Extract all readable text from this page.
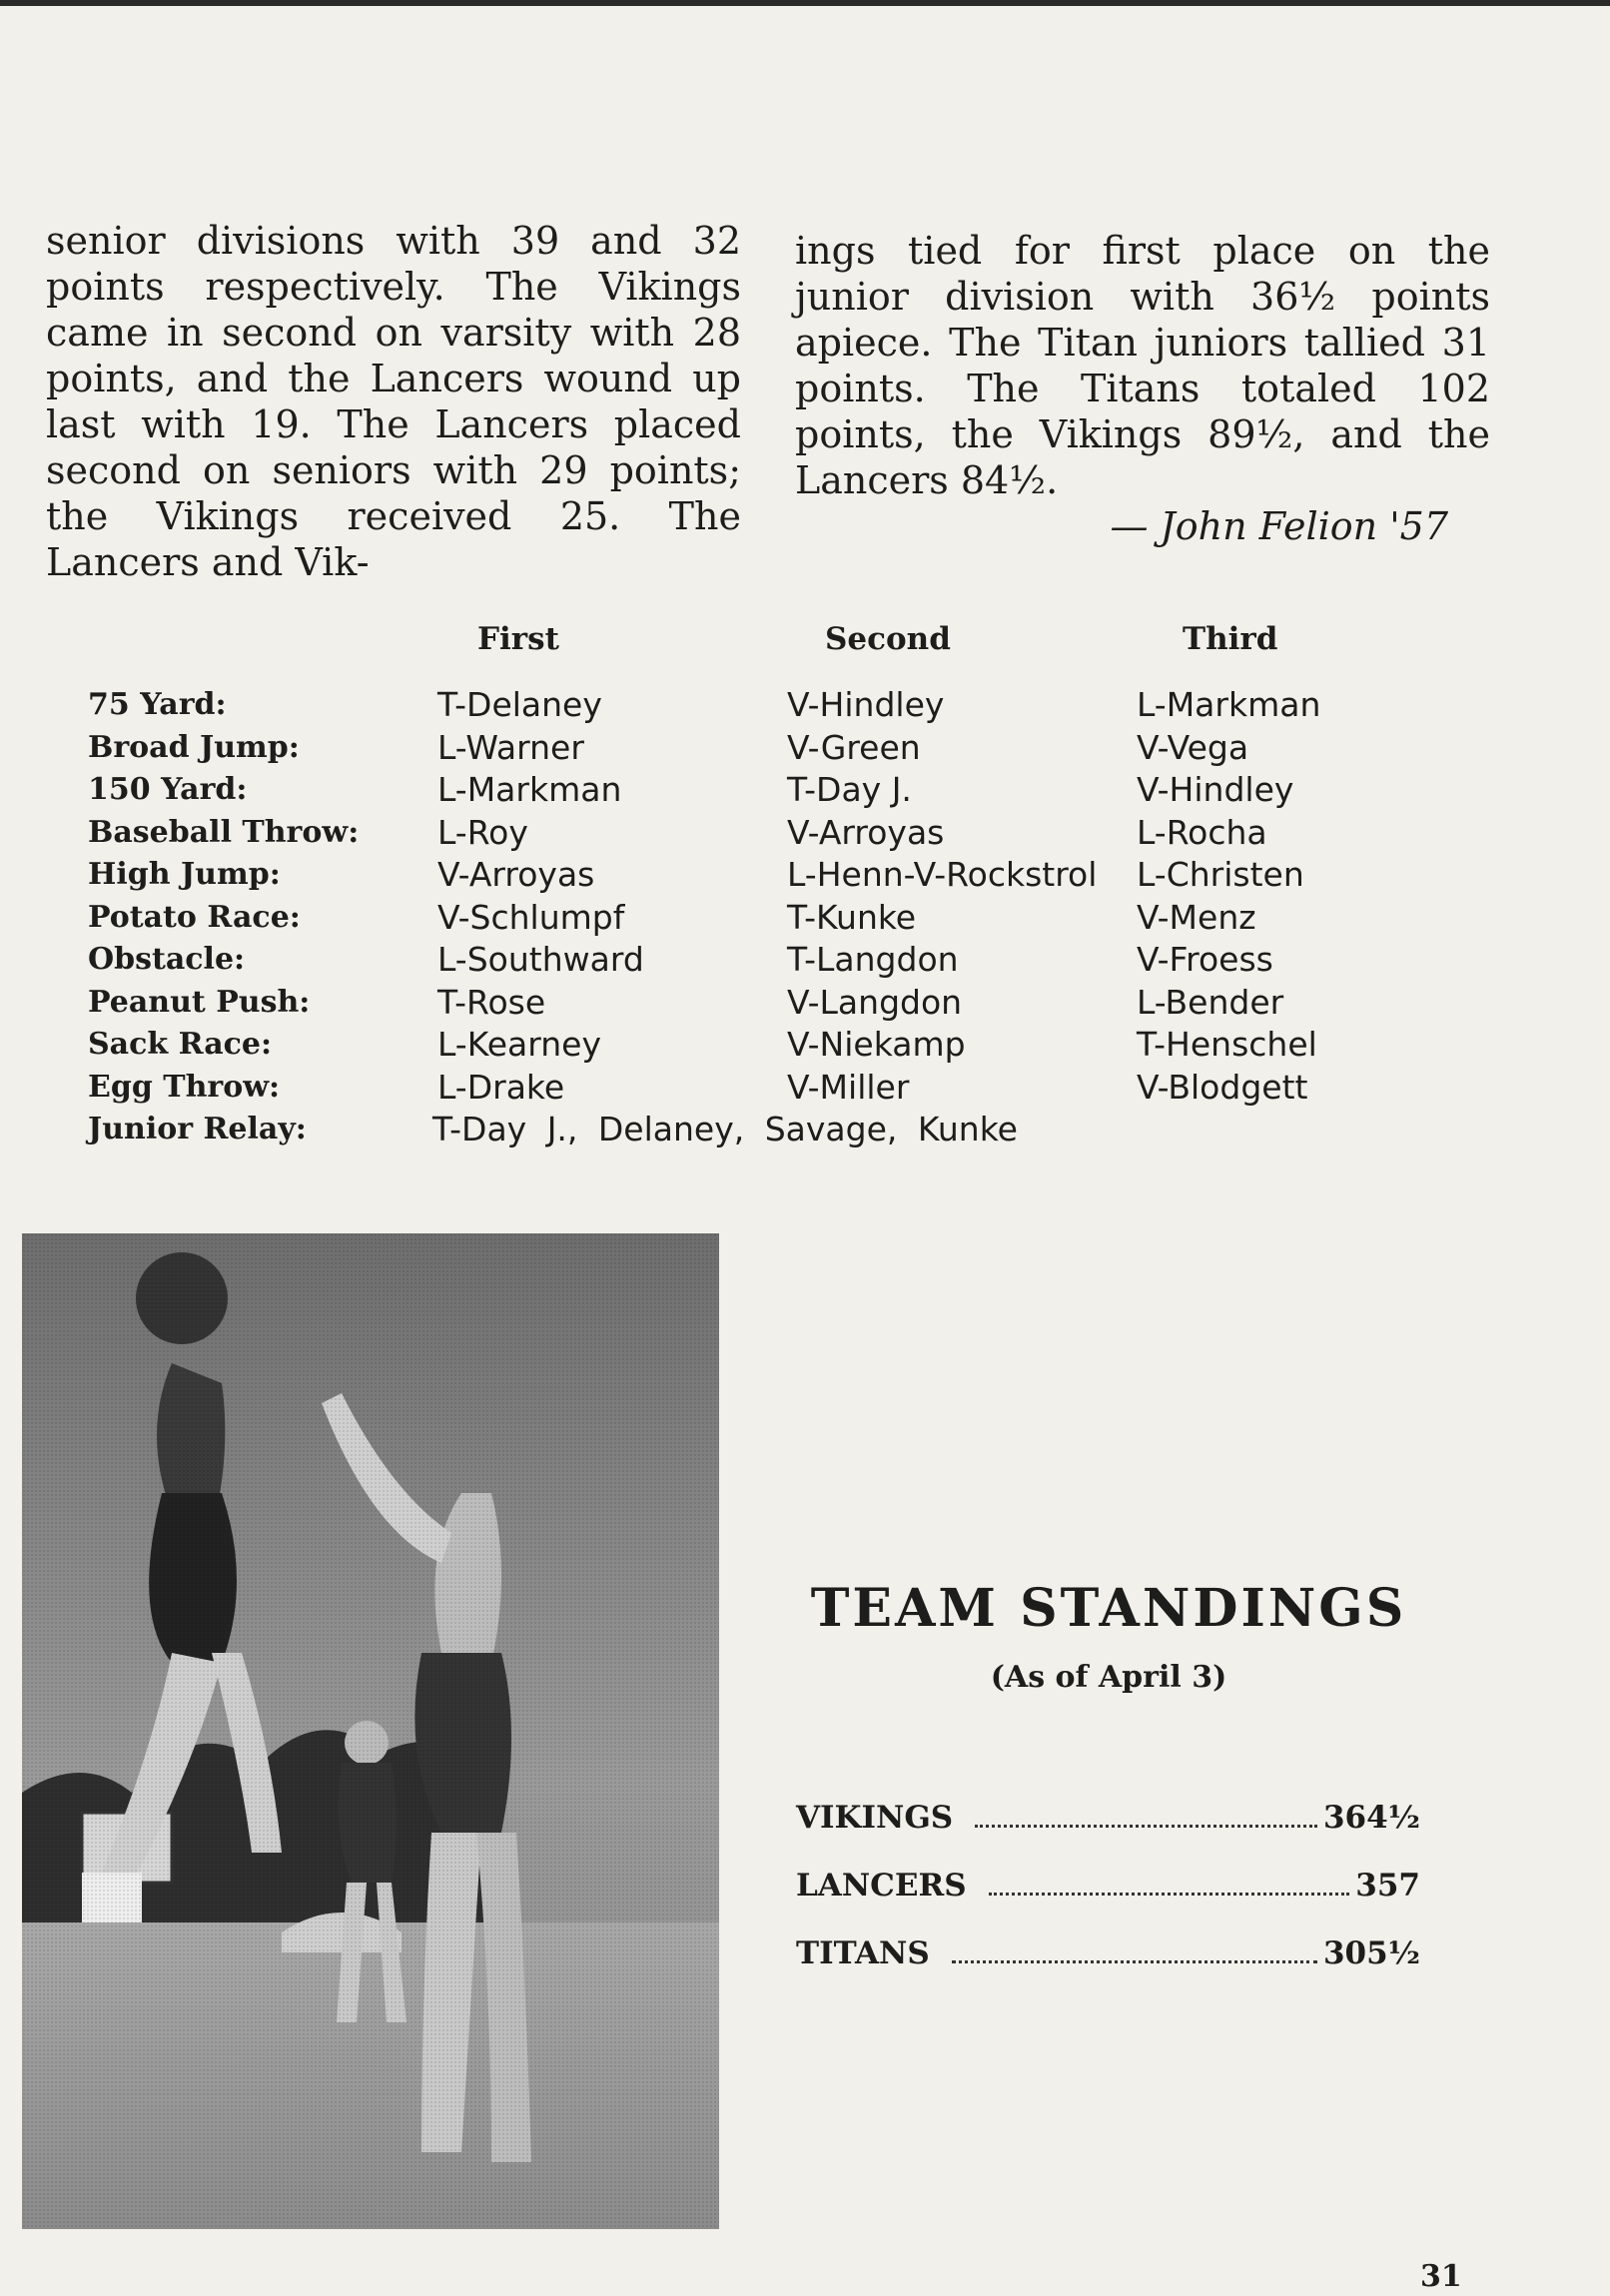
senior divisions with 39 and 32 points respectively. The Vikings came in second on varsity with 28 points, and the Lancers wound up last with 19. The Lancers placed second on seniors with 29 points; the Vikings received 25. The Lancers and Vik-

ings tied for first place on the junior division with 36½ points apiece. The Titan juniors tallied 31 points. The Titans totaled 102 points, the Vikings 89½, and the Lancers 84½.

— John Felion '57
First	Second	Third
75 Yard:	T-Delaney	V-Hindley	L-Markman
Broad Jump:	L-Warner	V-Green	V-Vega
150 Yard:	L-Markman	T-Day J.	V-Hindley
Baseball Throw: L-Roy	V-Arroyas	L-Rocha
High Jump:	V-Arroyas	L-Henn-V-Rockstrol L-Christen
Potato Race:	V-Schlumpf	T-Kunke	V-Menz
Obstacle:	L-Southward	T-Langdon	V-Froess
Peanut Push:	T-Rose	V-Langdon	L-Bender
Sack Race:	L-Kearney	V-Niekamp	T-Henschel
Egg Throw:	L-Drake	V-Miller	V-Blodgett
Junior Relay:	T-Day J., Delaney, Savage, Kunke
TEAM STANDINGS
(As of April 3)
VIKINGS	364½
LANCERS	357
TITANS	305½
31
